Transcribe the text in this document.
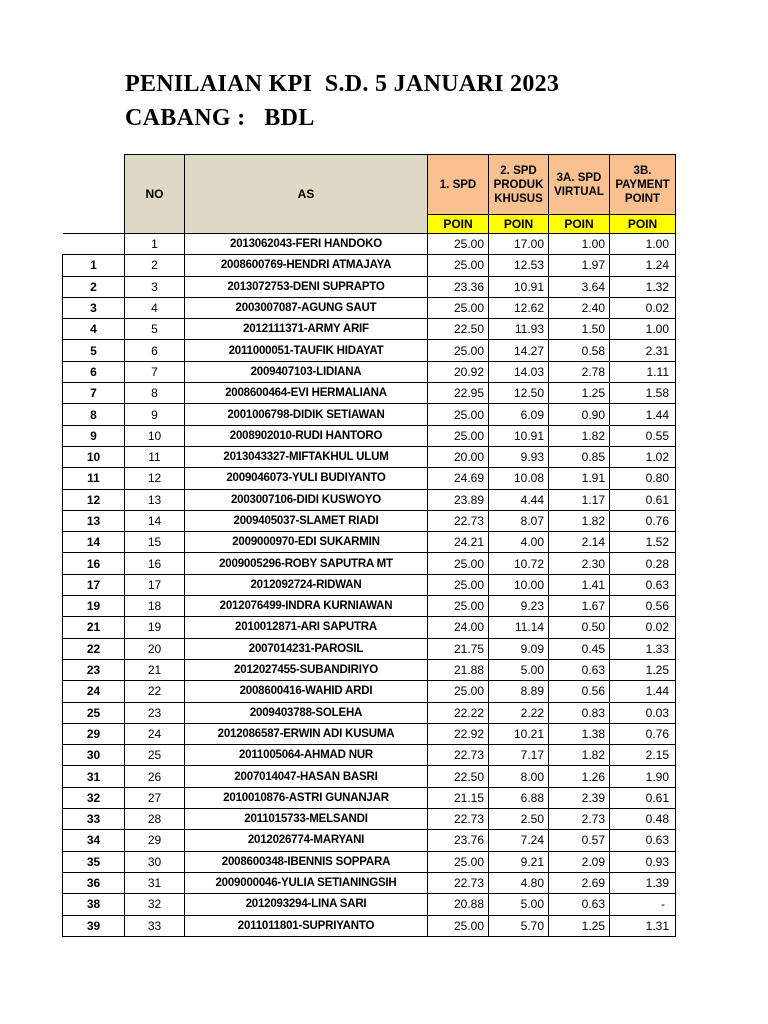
PENILAIAN KPI  S.D. 5 JANUARI 2023
CABANG :   BDL
	NO	AS	1. SPD	2. SPD PRODUK KHUSUS	3A. SPD VIRTUAL	3B. PAYMENT POINT
			POIN	POIN	POIN	POIN
	1	2013062043-FERI HANDOKO	25.00	17.00	1.00	1.00
1	2	2008600769-HENDRI ATMAJAYA	25.00	12.53	1.97	1.24
2	3	2013072753-DENI SUPRAPTO	23.36	10.91	3.64	1.32
3	4	2003007087-AGUNG SAUT	25.00	12.62	2.40	0.02
4	5	2012111371-ARMY ARIF	22.50	11.93	1.50	1.00
5	6	2011000051-TAUFIK HIDAYAT	25.00	14.27	0.58	2.31
6	7	2009407103-LIDIANA	20.92	14.03	2.78	1.11
7	8	2008600464-EVI HERMALIANA	22.95	12.50	1.25	1.58
8	9	2001006798-DIDIK SETIAWAN	25.00	6.09	0.90	1.44
9	10	2008902010-RUDI HANTORO	25.00	10.91	1.82	0.55
10	11	2013043327-MIFTAKHUL ULUM	20.00	9.93	0.85	1.02
11	12	2009046073-YULI BUDIYANTO	24.69	10.08	1.91	0.80
12	13	2003007106-DIDI KUSWOYO	23.89	4.44	1.17	0.61
13	14	2009405037-SLAMET RIADI	22.73	8.07	1.82	0.76
14	15	2009000970-EDI SUKARMIN	24.21	4.00	2.14	1.52
16	16	2009005296-ROBY SAPUTRA MT	25.00	10.72	2.30	0.28
17	17	2012092724-RIDWAN	25.00	10.00	1.41	0.63
19	18	2012076499-INDRA KURNIAWAN	25.00	9.23	1.67	0.56
21	19	2010012871-ARI SAPUTRA	24.00	11.14	0.50	0.02
22	20	2007014231-PAROSIL	21.75	9.09	0.45	1.33
23	21	2012027455-SUBANDIRIYO	21.88	5.00	0.63	1.25
24	22	2008600416-WAHID ARDI	25.00	8.89	0.56	1.44
25	23	2009403788-SOLEHA	22.22	2.22	0.83	0.03
29	24	2012086587-ERWIN ADI KUSUMA	22.92	10.21	1.38	0.76
30	25	2011005064-AHMAD NUR	22.73	7.17	1.82	2.15
31	26	2007014047-HASAN BASRI	22.50	8.00	1.26	1.90
32	27	2010010876-ASTRI GUNANJAR	21.15	6.88	2.39	0.61
33	28	2011015733-MELSANDI	22.73	2.50	2.73	0.48
34	29	2012026774-MARYANI	23.76	7.24	0.57	0.63
35	30	2008600348-IBENNIS SOPPARA	25.00	9.21	2.09	0.93
36	31	2009000046-YULIA SETIANINGSIH	22.73	4.80	2.69	1.39
38	32	2012093294-LINA SARI	20.88	5.00	0.63	-
39	33	2011011801-SUPRIYANTO	25.00	5.70	1.25	1.31
